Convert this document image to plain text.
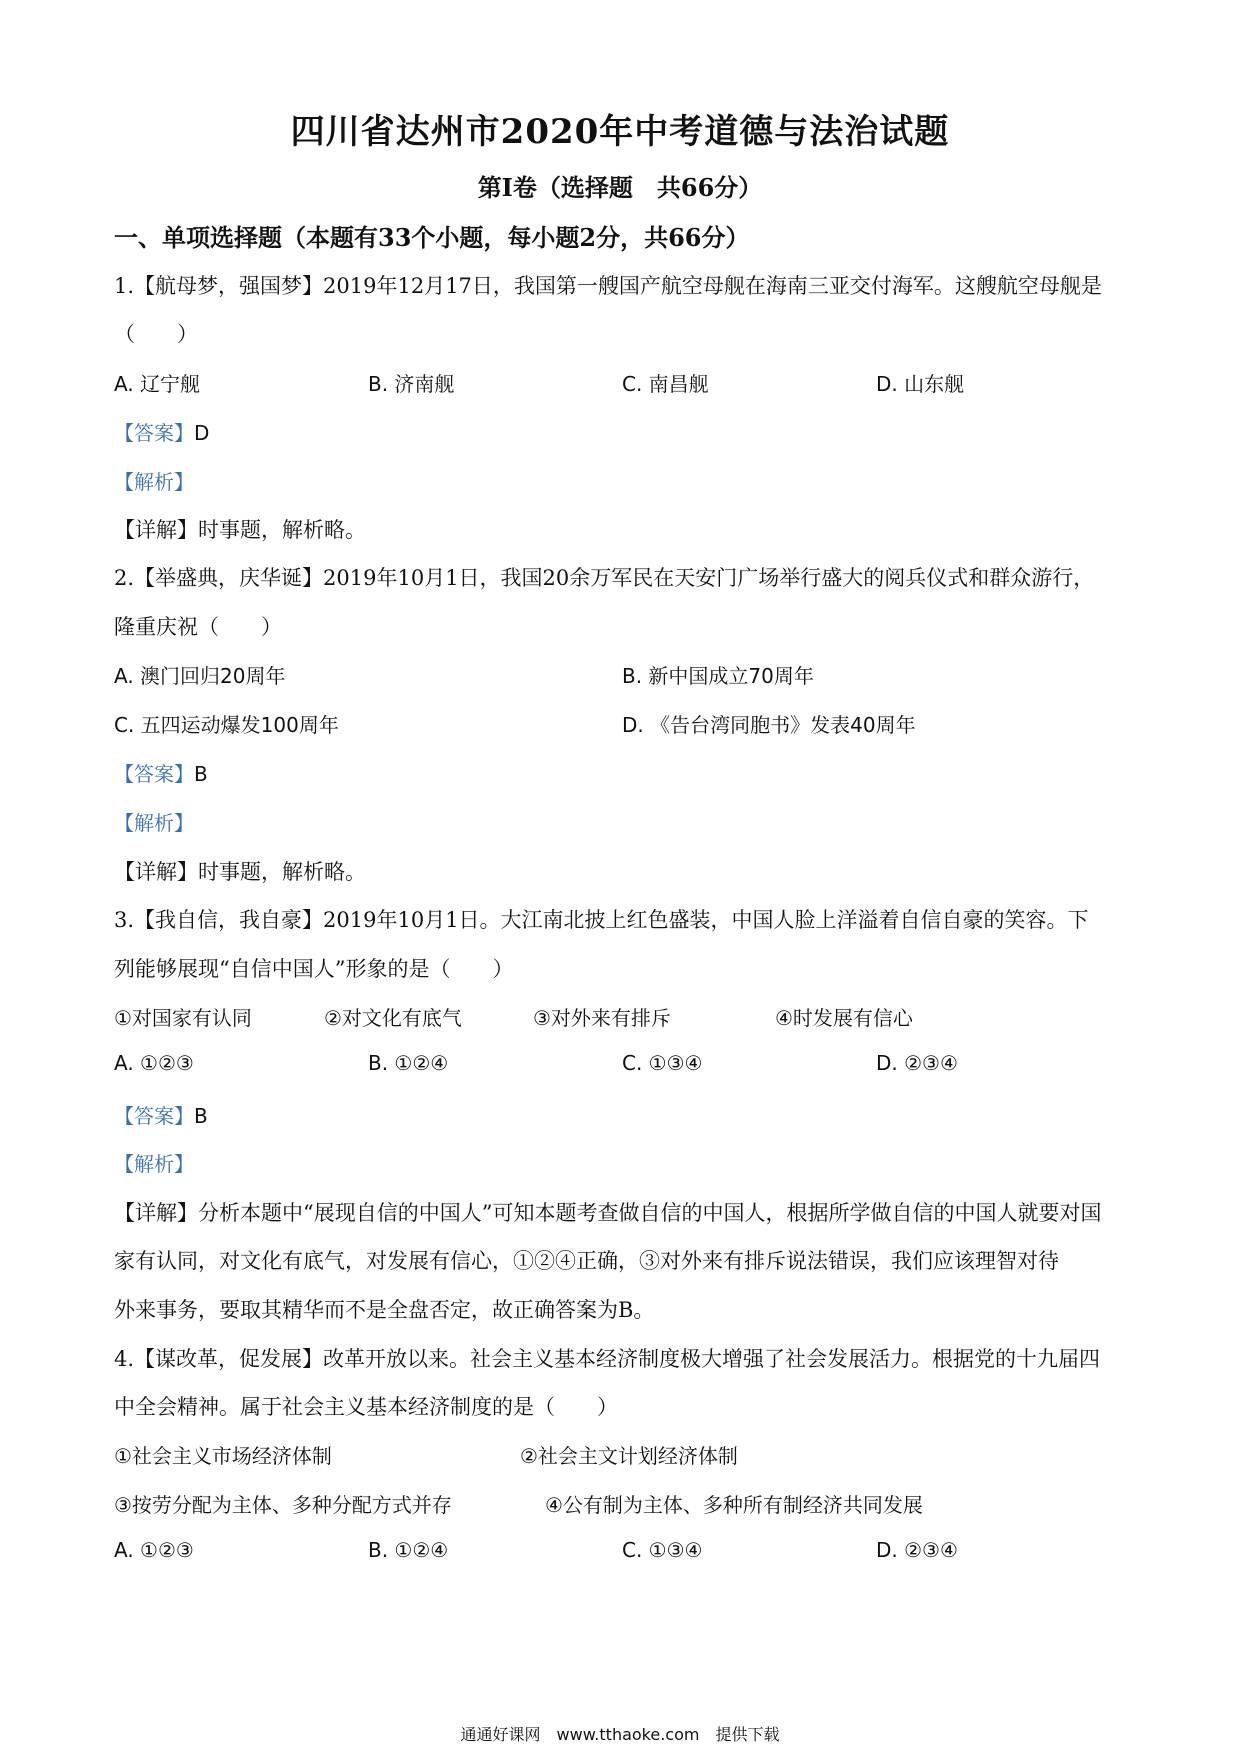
四川省达州市2020年中考道德与法治试题
第Ⅰ卷（选择题　共66分）
一、单项选择题（本题有33个小题，每小题2分，共66分）
1.【航母梦，强国梦】2019年12月17日，我国第一艘国产航空母舰在海南三亚交付海军。这艘航空母舰是
（　　）
A. 辽宁舰	B. 济南舰	C. 南昌舰	D. 山东舰
【答案】D
【解析】
【详解】时事题，解析略。
2.【举盛典，庆华诞】2019年10月1日，我国20余万军民在天安门广场举行盛大的阅兵仪式和群众游行，
隆重庆祝（　　）
A. 澳门回归20周年	B. 新中国成立70周年
C. 五四运动爆发100周年	D. 《告台湾同胞书》发表40周年
【答案】B
【解析】
【详解】时事题，解析略。
3.【我自信，我自豪】2019年10月1日。大江南北披上红色盛装，中国人脸上洋溢着自信自豪的笑容。下
列能够展现“自信中国人”形象的是（　　）
①对国家有认同	②对文化有底气	③对外来有排斥	④时发展有信心
A. ①②③	B. ①②④	C. ①③④	D. ②③④
【答案】B
【解析】
【详解】分析本题中“展现自信的中国人”可知本题考查做自信的中国人，根据所学做自信的中国人就要对国
家有认同，对文化有底气，对发展有信心，①②④正确，③对外来有排斥说法错误，我们应该理智对待
外来事务，要取其精华而不是全盘否定，故正确答案为B。
4.【谋改革，促发展】改革开放以来。社会主义基本经济制度极大增强了社会发展活力。根据党的十九届四
中全会精神。属于社会主义基本经济制度的是（　　）
①社会主义市场经济体制	②社会主文计划经济体制
③按劳分配为主体、多种分配方式并存	④公有制为主体、多种所有制经济共同发展
A. ①②③	B. ①②④	C. ①③④	D. ②③④
通通好课网　www.tthaoke.com　提供下载
